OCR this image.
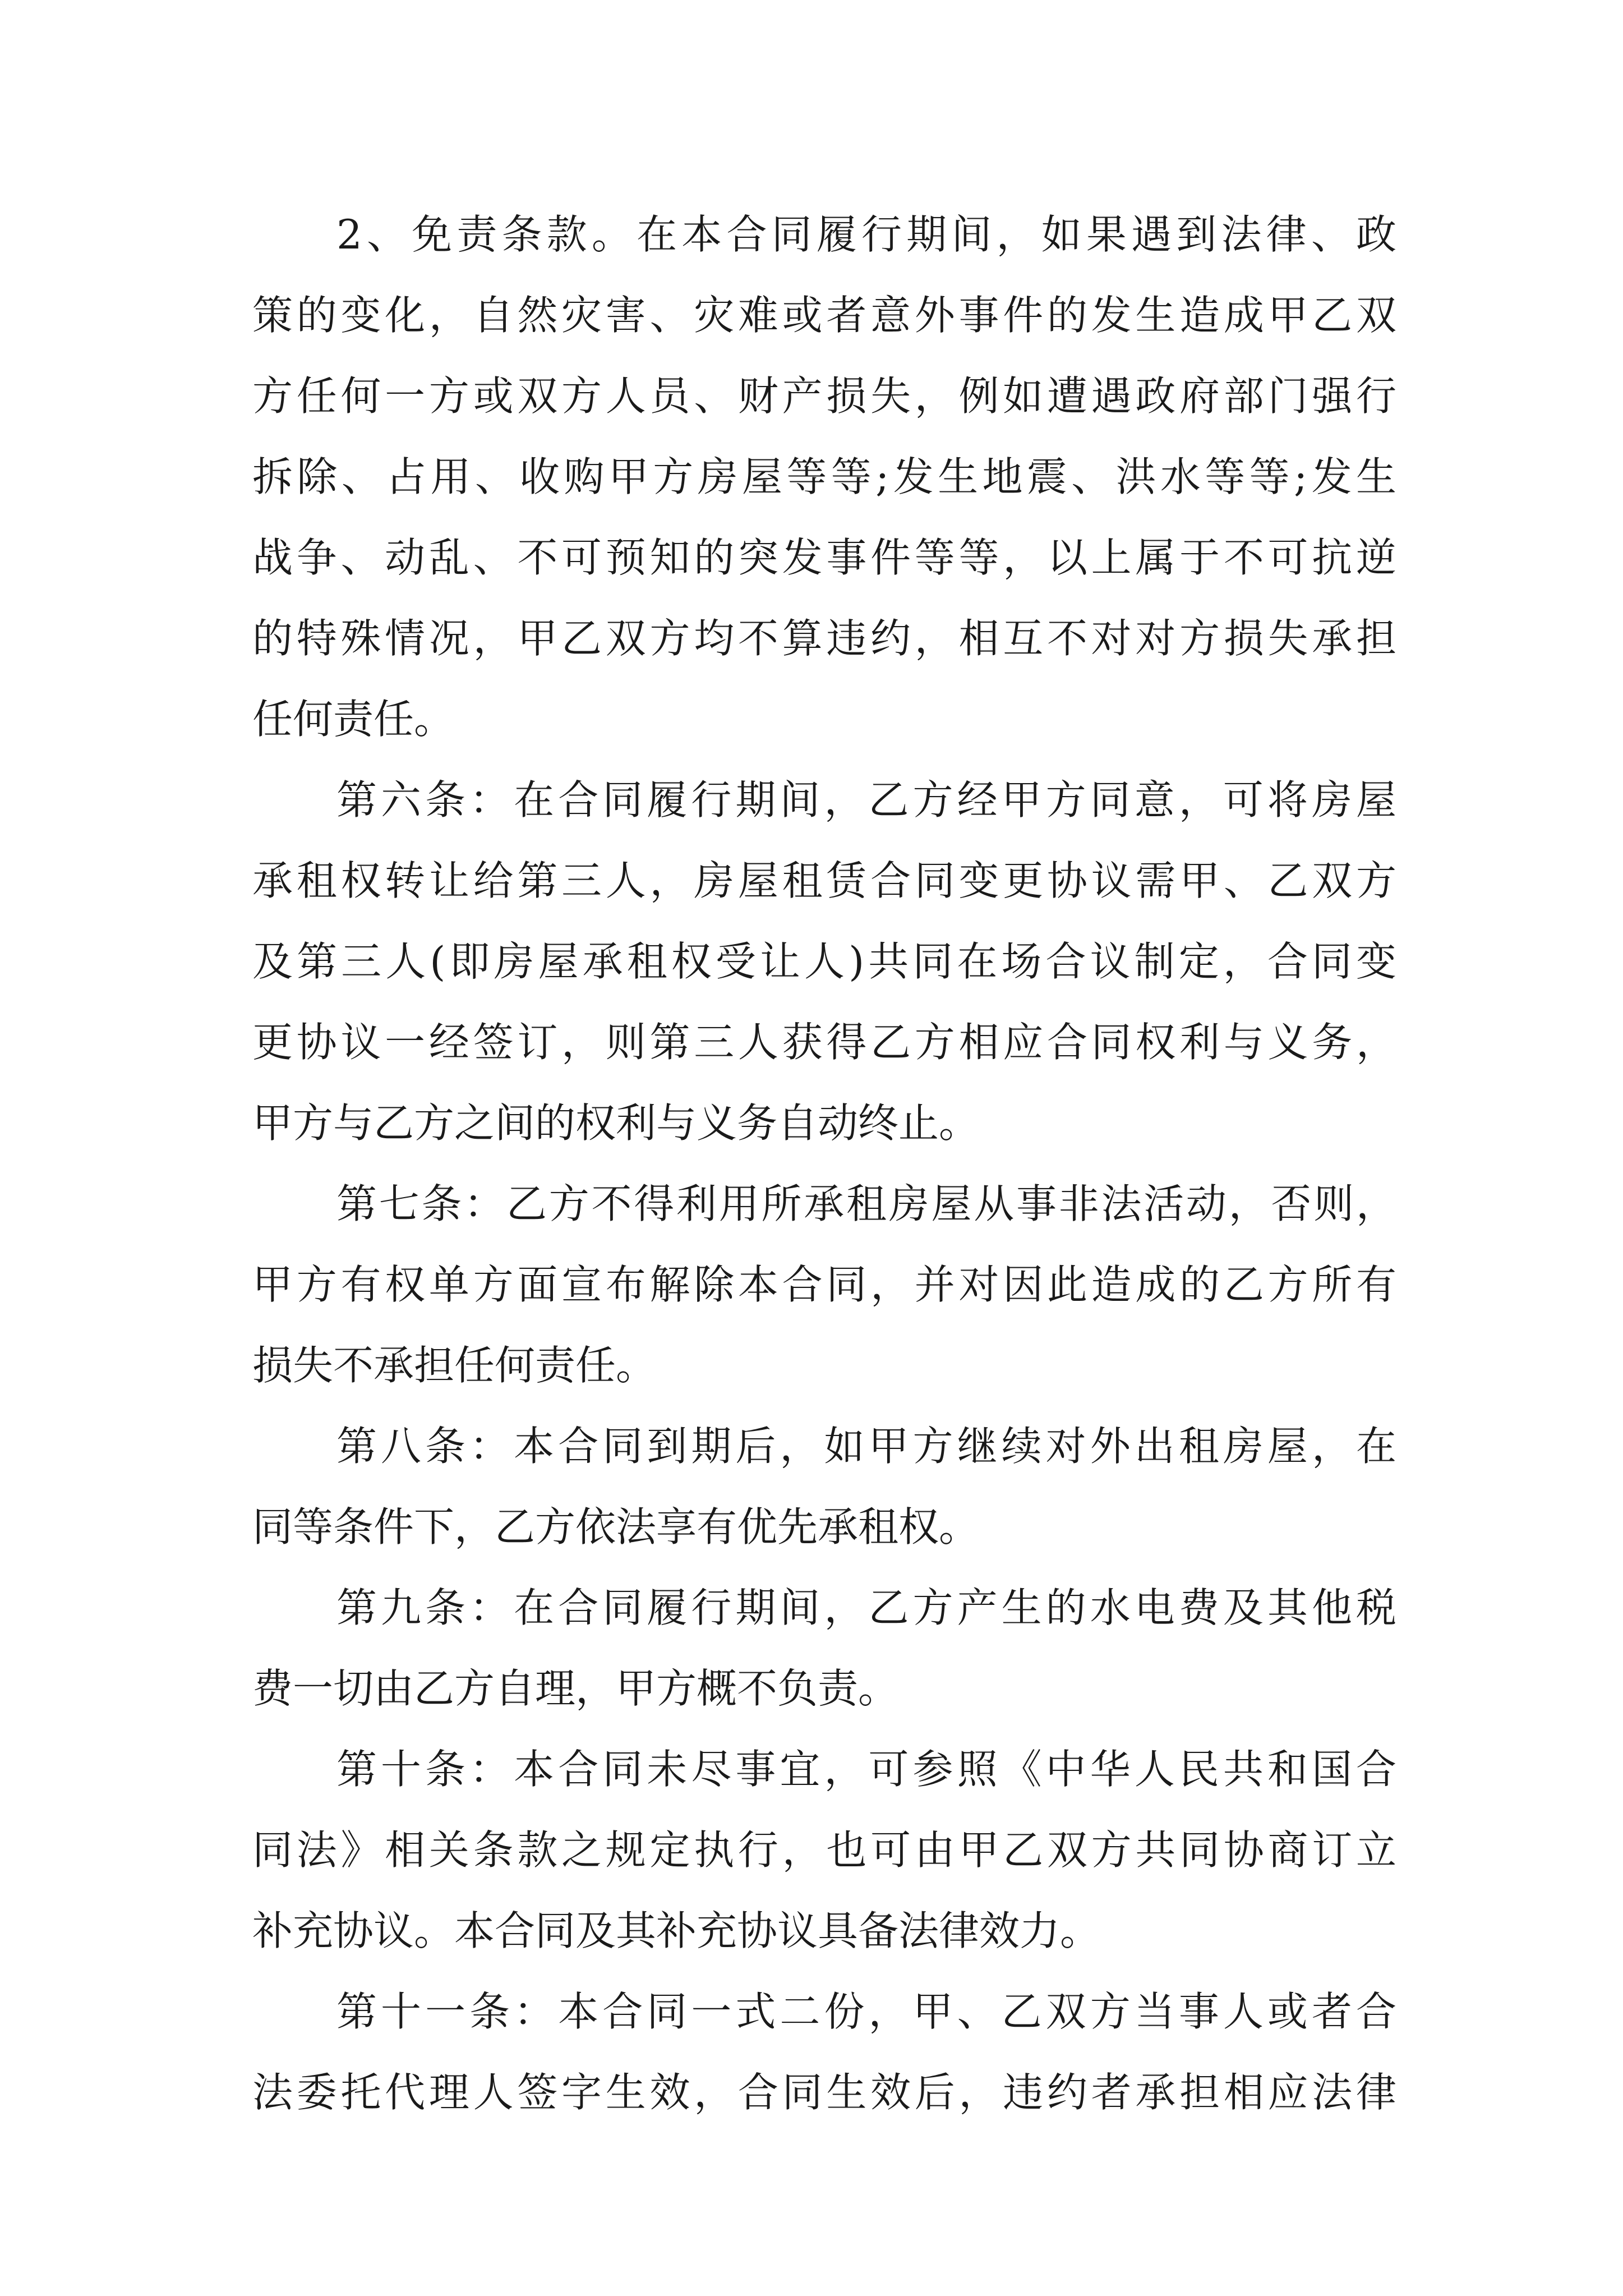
2、免责条款。在本合同履行期间，如果遇到法律、政
策的变化，自然灾害、灾难或者意外事件的发生造成甲乙双
方任何一方或双方人员、财产损失，例如遭遇政府部门强行
拆除、占用、收购甲方房屋等等;发生地震、洪水等等;发生
战争、动乱、不可预知的突发事件等等，以上属于不可抗逆
的特殊情况，甲乙双方均不算违约，相互不对对方损失承担
任何责任。
第六条：在合同履行期间，乙方经甲方同意，可将房屋
承租权转让给第三人，房屋租赁合同变更协议需甲、乙双方
及第三人(即房屋承租权受让人)共同在场合议制定，合同变
更协议一经签订，则第三人获得乙方相应合同权利与义务，
甲方与乙方之间的权利与义务自动终止。
第七条：乙方不得利用所承租房屋从事非法活动，否则，
甲方有权单方面宣布解除本合同，并对因此造成的乙方所有
损失不承担任何责任。
第八条：本合同到期后，如甲方继续对外出租房屋，在
同等条件下，乙方依法享有优先承租权。
第九条：在合同履行期间，乙方产生的水电费及其他税
费一切由乙方自理，甲方概不负责。
第十条：本合同未尽事宜，可参照《中华人民共和国合
同法》相关条款之规定执行，也可由甲乙双方共同协商订立
补充协议。本合同及其补充协议具备法律效力。
第十一条：本合同一式二份，甲、乙双方当事人或者合
法委托代理人签字生效，合同生效后，违约者承担相应法律
